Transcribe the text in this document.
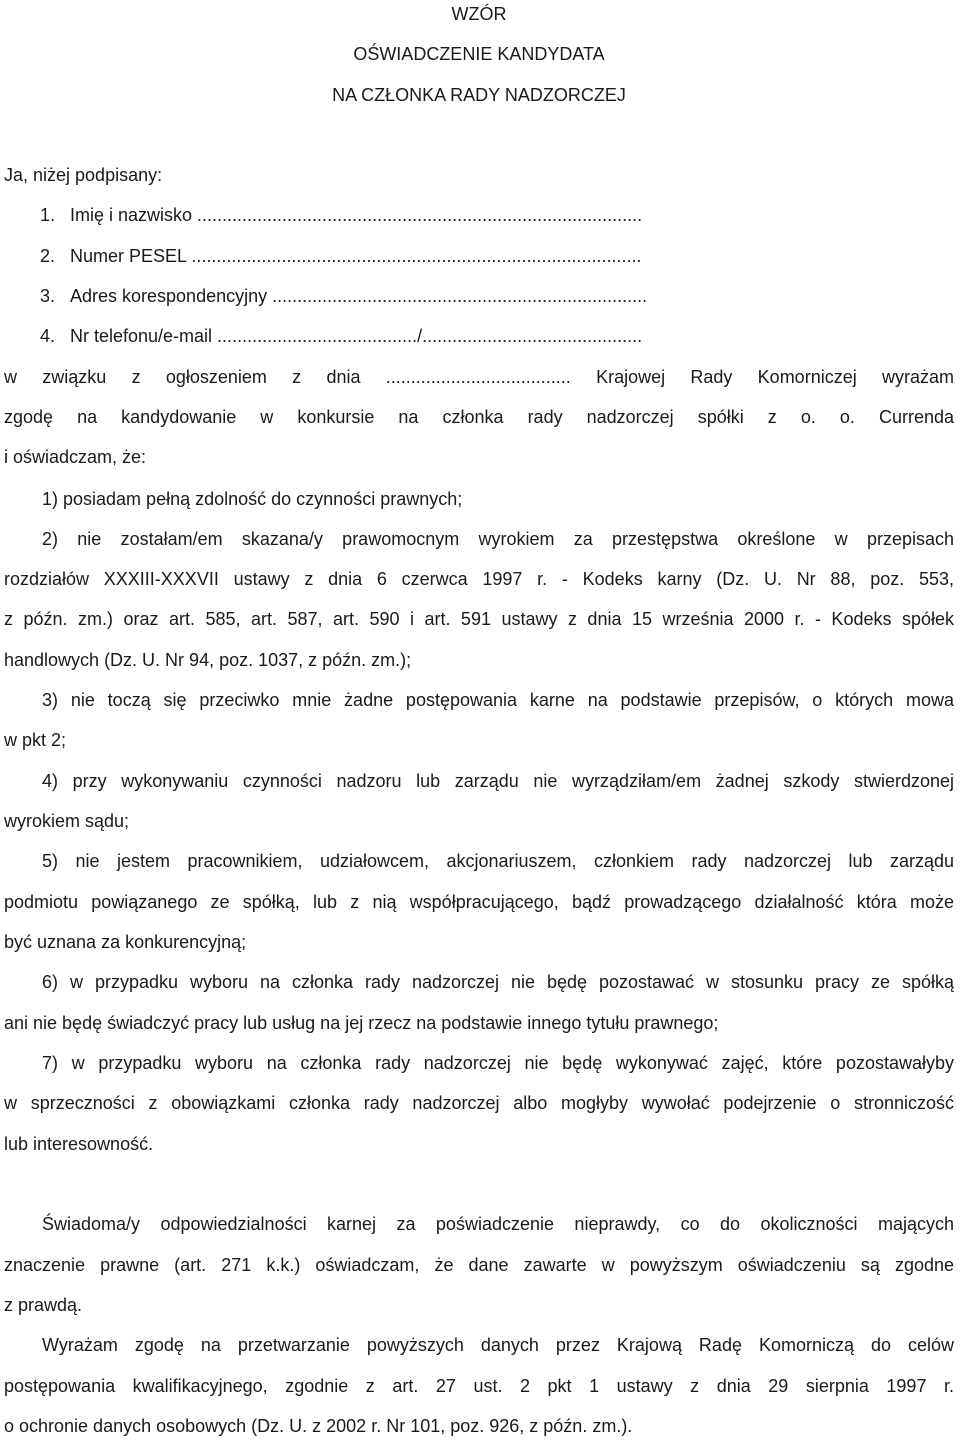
WZÓR
OŚWIADCZENIE KANDYDATA
NA CZŁONKA RADY NADZORCZEJ
Ja, niżej podpisany:
1. Imię i nazwisko .........................................................................................
2. Numer PESEL ..........................................................................................
3. Adres korespondencyjny ...........................................................................
4. Nr telefonu/e-mail ......................................../............................................
w związku z ogłoszeniem z dnia ..................................... Krajowej Rady Komorniczej wyrażam
zgodę na kandydowanie w konkursie na członka rady nadzorczej spółki z o. o. Currenda
i oświadczam, że:
1) posiadam pełną zdolność do czynności prawnych;
2) nie zostałam/em skazana/y prawomocnym wyrokiem za przestępstwa określone w przepisach
rozdziałów XXXIII-XXXVII ustawy z dnia 6 czerwca 1997 r. - Kodeks karny (Dz. U. Nr 88, poz. 553,
z późn. zm.) oraz art. 585, art. 587, art. 590 i art. 591 ustawy z dnia 15 września 2000 r. - Kodeks spółek
handlowych (Dz. U. Nr 94, poz. 1037, z późn. zm.);
3) nie toczą się przeciwko mnie żadne postępowania karne na podstawie przepisów, o których mowa
w pkt 2;
4) przy wykonywaniu czynności nadzoru lub zarządu nie wyrządziłam/em żadnej szkody stwierdzonej
wyrokiem sądu;
5) nie jestem pracownikiem, udziałowcem, akcjonariuszem, członkiem rady nadzorczej lub zarządu
podmiotu powiązanego ze spółką, lub z nią współpracującego, bądź prowadzącego działalność która może
być uznana za konkurencyjną;
6) w przypadku wyboru na członka rady nadzorczej nie będę pozostawać w stosunku pracy ze spółką
ani nie będę świadczyć pracy lub usług na jej rzecz na podstawie innego tytułu prawnego;
7) w przypadku wyboru na członka rady nadzorczej nie będę wykonywać zajęć, które pozostawałyby
w sprzeczności z obowiązkami członka rady nadzorczej albo mogłyby wywołać podejrzenie o stronniczość
lub interesowność.
Świadoma/y odpowiedzialności karnej za poświadczenie nieprawdy, co do okoliczności mających
znaczenie prawne (art. 271 k.k.) oświadczam, że dane zawarte w powyższym oświadczeniu są zgodne
z prawdą.
Wyrażam zgodę na przetwarzanie powyższych danych przez Krajową Radę Komorniczą do celów
postępowania kwalifikacyjnego, zgodnie z art. 27 ust. 2 pkt 1 ustawy z dnia 29 sierpnia 1997 r.
o ochronie danych osobowych (Dz. U. z 2002 r. Nr 101, poz. 926, z późn. zm.).
